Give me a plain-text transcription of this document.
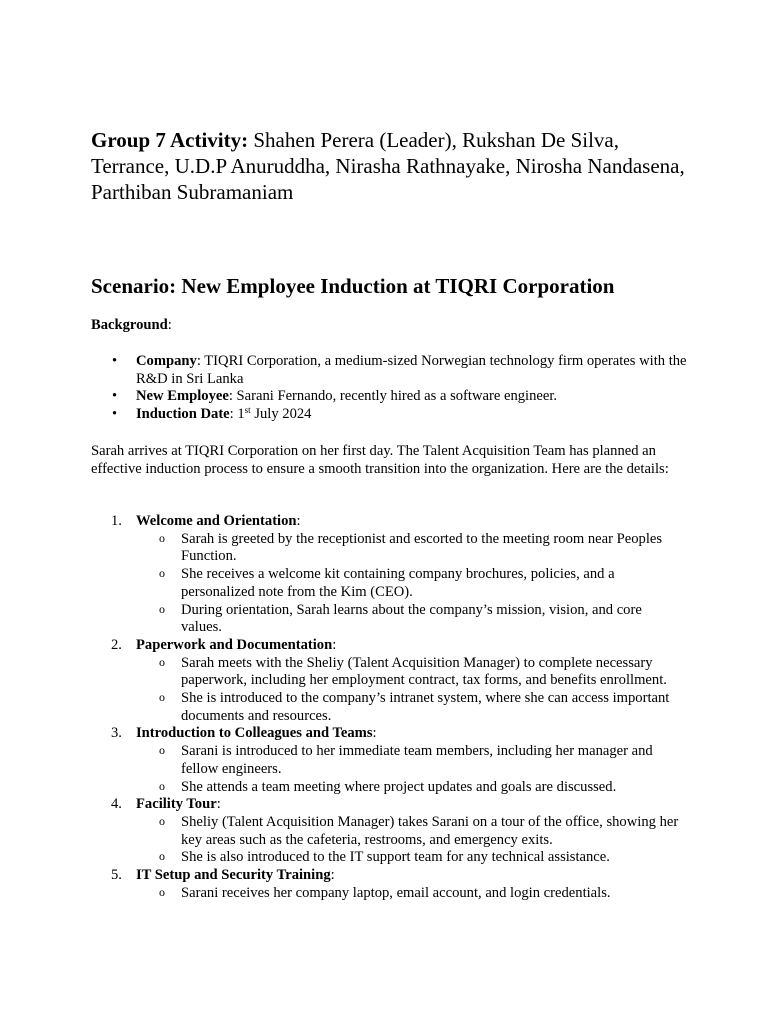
Group 7 Activity: Shahen Perera (Leader), Rukshan De Silva, Terrance, U.D.P Anuruddha, Nirasha Rathnayake, Nirosha Nandasena, Parthiban Subramaniam
Scenario: New Employee Induction at TIQRI Corporation
Background:
• Company: TIQRI Corporation, a medium-sized Norwegian technology firm operates with the R&D in Sri Lanka
• New Employee: Sarani Fernando, recently hired as a software engineer.
• Induction Date: 1st July 2024
Sarah arrives at TIQRI Corporation on her first day. The Talent Acquisition Team has planned an effective induction process to ensure a smooth transition into the organization. Here are the details:
1. Welcome and Orientation:
o Sarah is greeted by the receptionist and escorted to the meeting room near Peoples Function.
o She receives a welcome kit containing company brochures, policies, and a personalized note from the Kim (CEO).
o During orientation, Sarah learns about the company’s mission, vision, and core values.
2. Paperwork and Documentation:
o Sarah meets with the Sheliy (Talent Acquisition Manager) to complete necessary paperwork, including her employment contract, tax forms, and benefits enrollment.
o She is introduced to the company’s intranet system, where she can access important documents and resources.
3. Introduction to Colleagues and Teams:
o Sarani is introduced to her immediate team members, including her manager and fellow engineers.
o She attends a team meeting where project updates and goals are discussed.
4. Facility Tour:
o Sheliy (Talent Acquisition Manager) takes Sarani on a tour of the office, showing her key areas such as the cafeteria, restrooms, and emergency exits.
o She is also introduced to the IT support team for any technical assistance.
5. IT Setup and Security Training:
o Sarani receives her company laptop, email account, and login credentials.
